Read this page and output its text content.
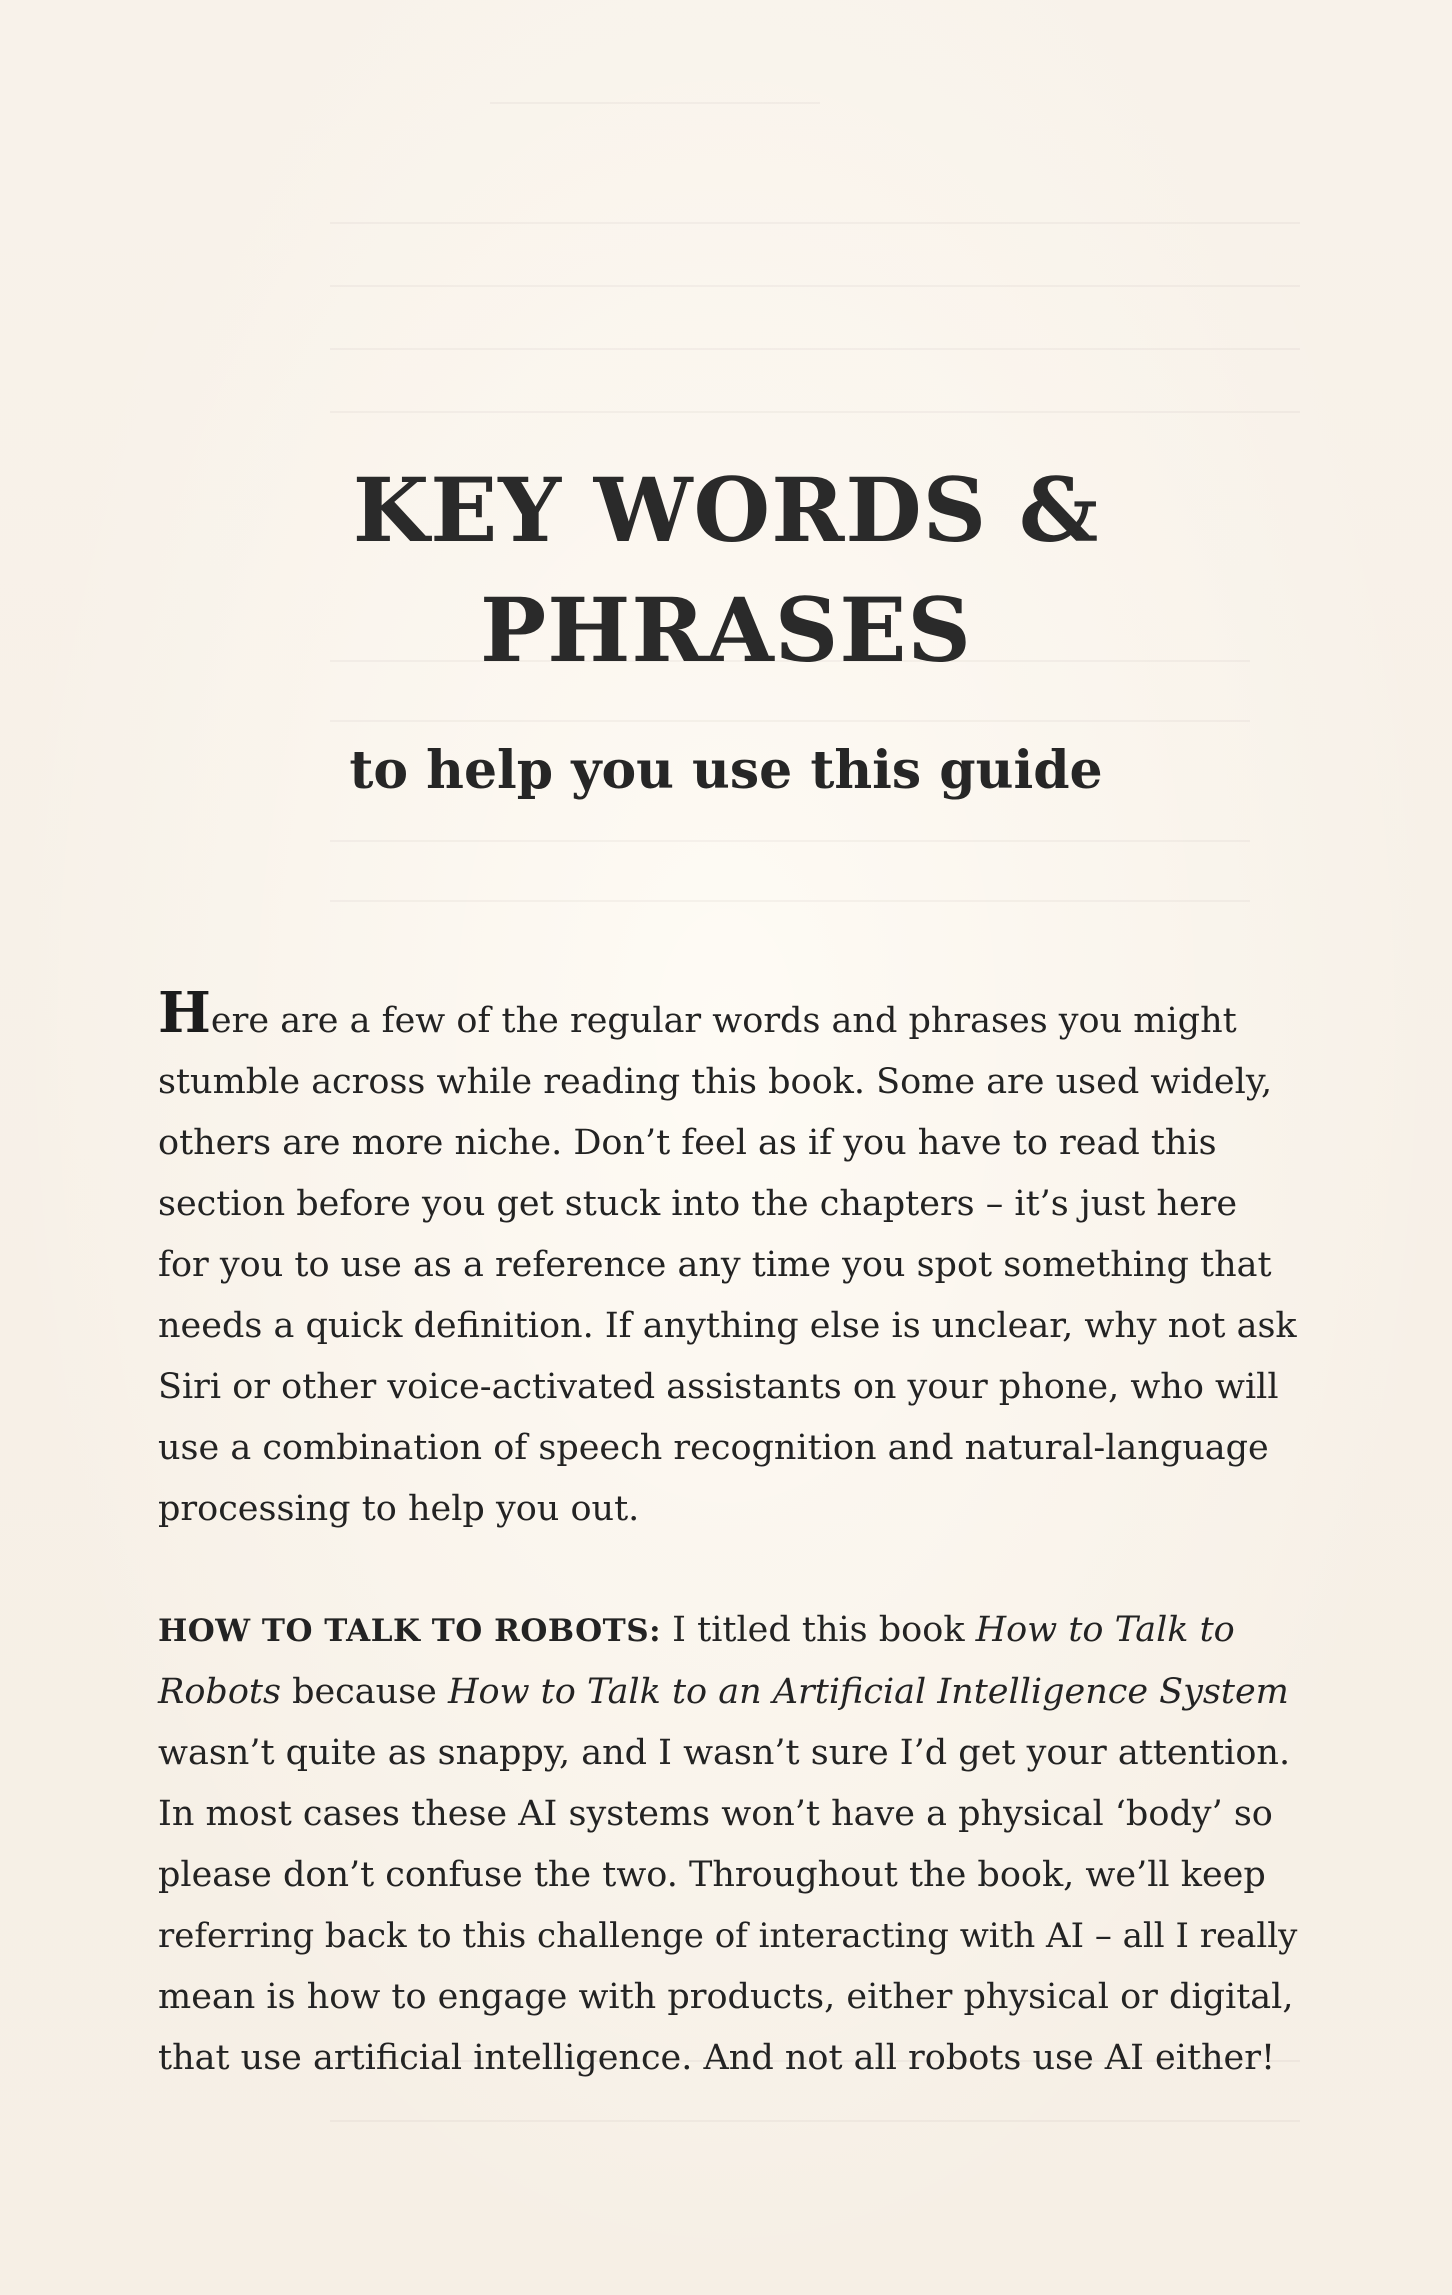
KEY WORDS &
PHRASES
to help you use this guide
Here are a few of the regular words and phrases you might
stumble across while reading this book. Some are used widely,
others are more niche. Don’t feel as if you have to read this
section before you get stuck into the chapters – it’s just here
for you to use as a reference any time you spot something that
needs a quick definition. If anything else is unclear, why not ask
Siri or other voice-activated assistants on your phone, who will
use a combination of speech recognition and natural-language
processing to help you out.
HOW TO TALK TO ROBOTS: I titled this book How to Talk to
Robots because How to Talk to an Artificial Intelligence System
wasn’t quite as snappy, and I wasn’t sure I’d get your attention.
In most cases these AI systems won’t have a physical ‘body’ so
please don’t confuse the two. Throughout the book, we’ll keep
referring back to this challenge of interacting with AI – all I really
mean is how to engage with products, either physical or digital,
that use artificial intelligence. And not all robots use AI either!
